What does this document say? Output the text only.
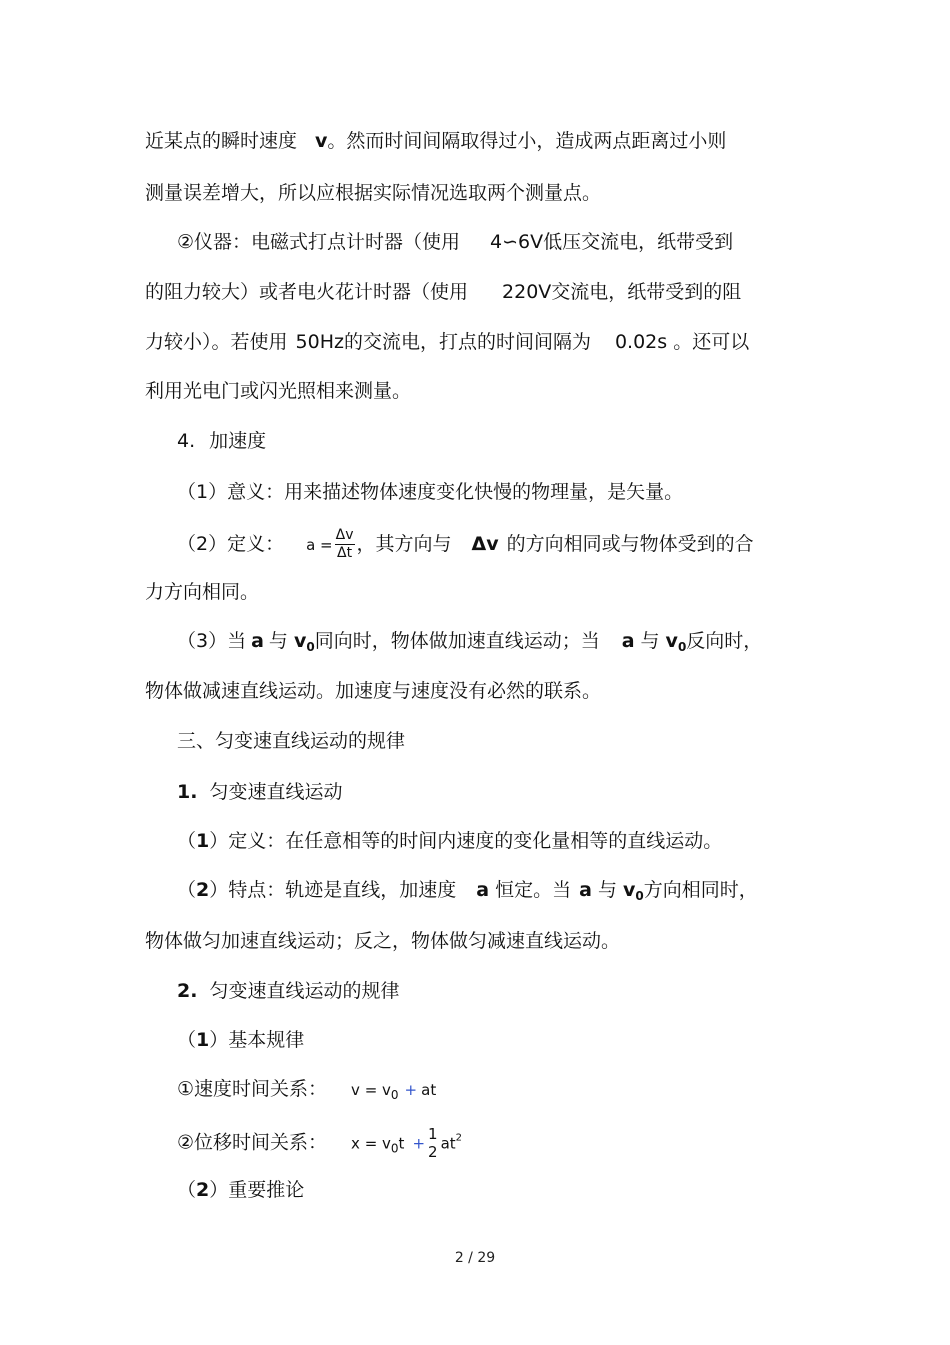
近某点的瞬时速度 v。然而时间间隔取得过小，造成两点距离过小则
测量误差增大，所以应根据实际情况选取两个测量点。
②仪器：电磁式打点计时器（使用 4∽6V低压交流电，纸带受到
的阻力较大）或者电火花计时器（使用 220V交流电，纸带受到的阻
力较小）。若使用 50Hz的交流电，打点的时间间隔为 0.02s 。还可以
利用光电门或闪光照相来测量。
4. 加速度
（1）意义：用来描述物体速度变化快慢的物理量，是矢量。
（2）定义： $a = \frac{\Delta v}{\Delta t}$ ，其方向与 Δv 的方向相同或与物体受到的合
力方向相同。
（3）当 a 与 $v_0$同向时，物体做加速直线运动；当 a 与 $v_0$反向时，
物体做减速直线运动。加速度与速度没有必然的联系。
三、匀变速直线运动的规律
1. 匀变速直线运动
（1）定义：在任意相等的时间内速度的变化量相等的直线运动。
（2）特点：轨迹是直线，加速度 a 恒定。当 a 与 $v_0$方向相同时，
物体做匀加速直线运动；反之，物体做匀减速直线运动。
2. 匀变速直线运动的规律
（1）基本规律
①速度时间关系： $v = v_0$ + at
②位移时间关系： $x = v_0t$ +
1
2 $at^2$
（2）重要推论
2 / 29
